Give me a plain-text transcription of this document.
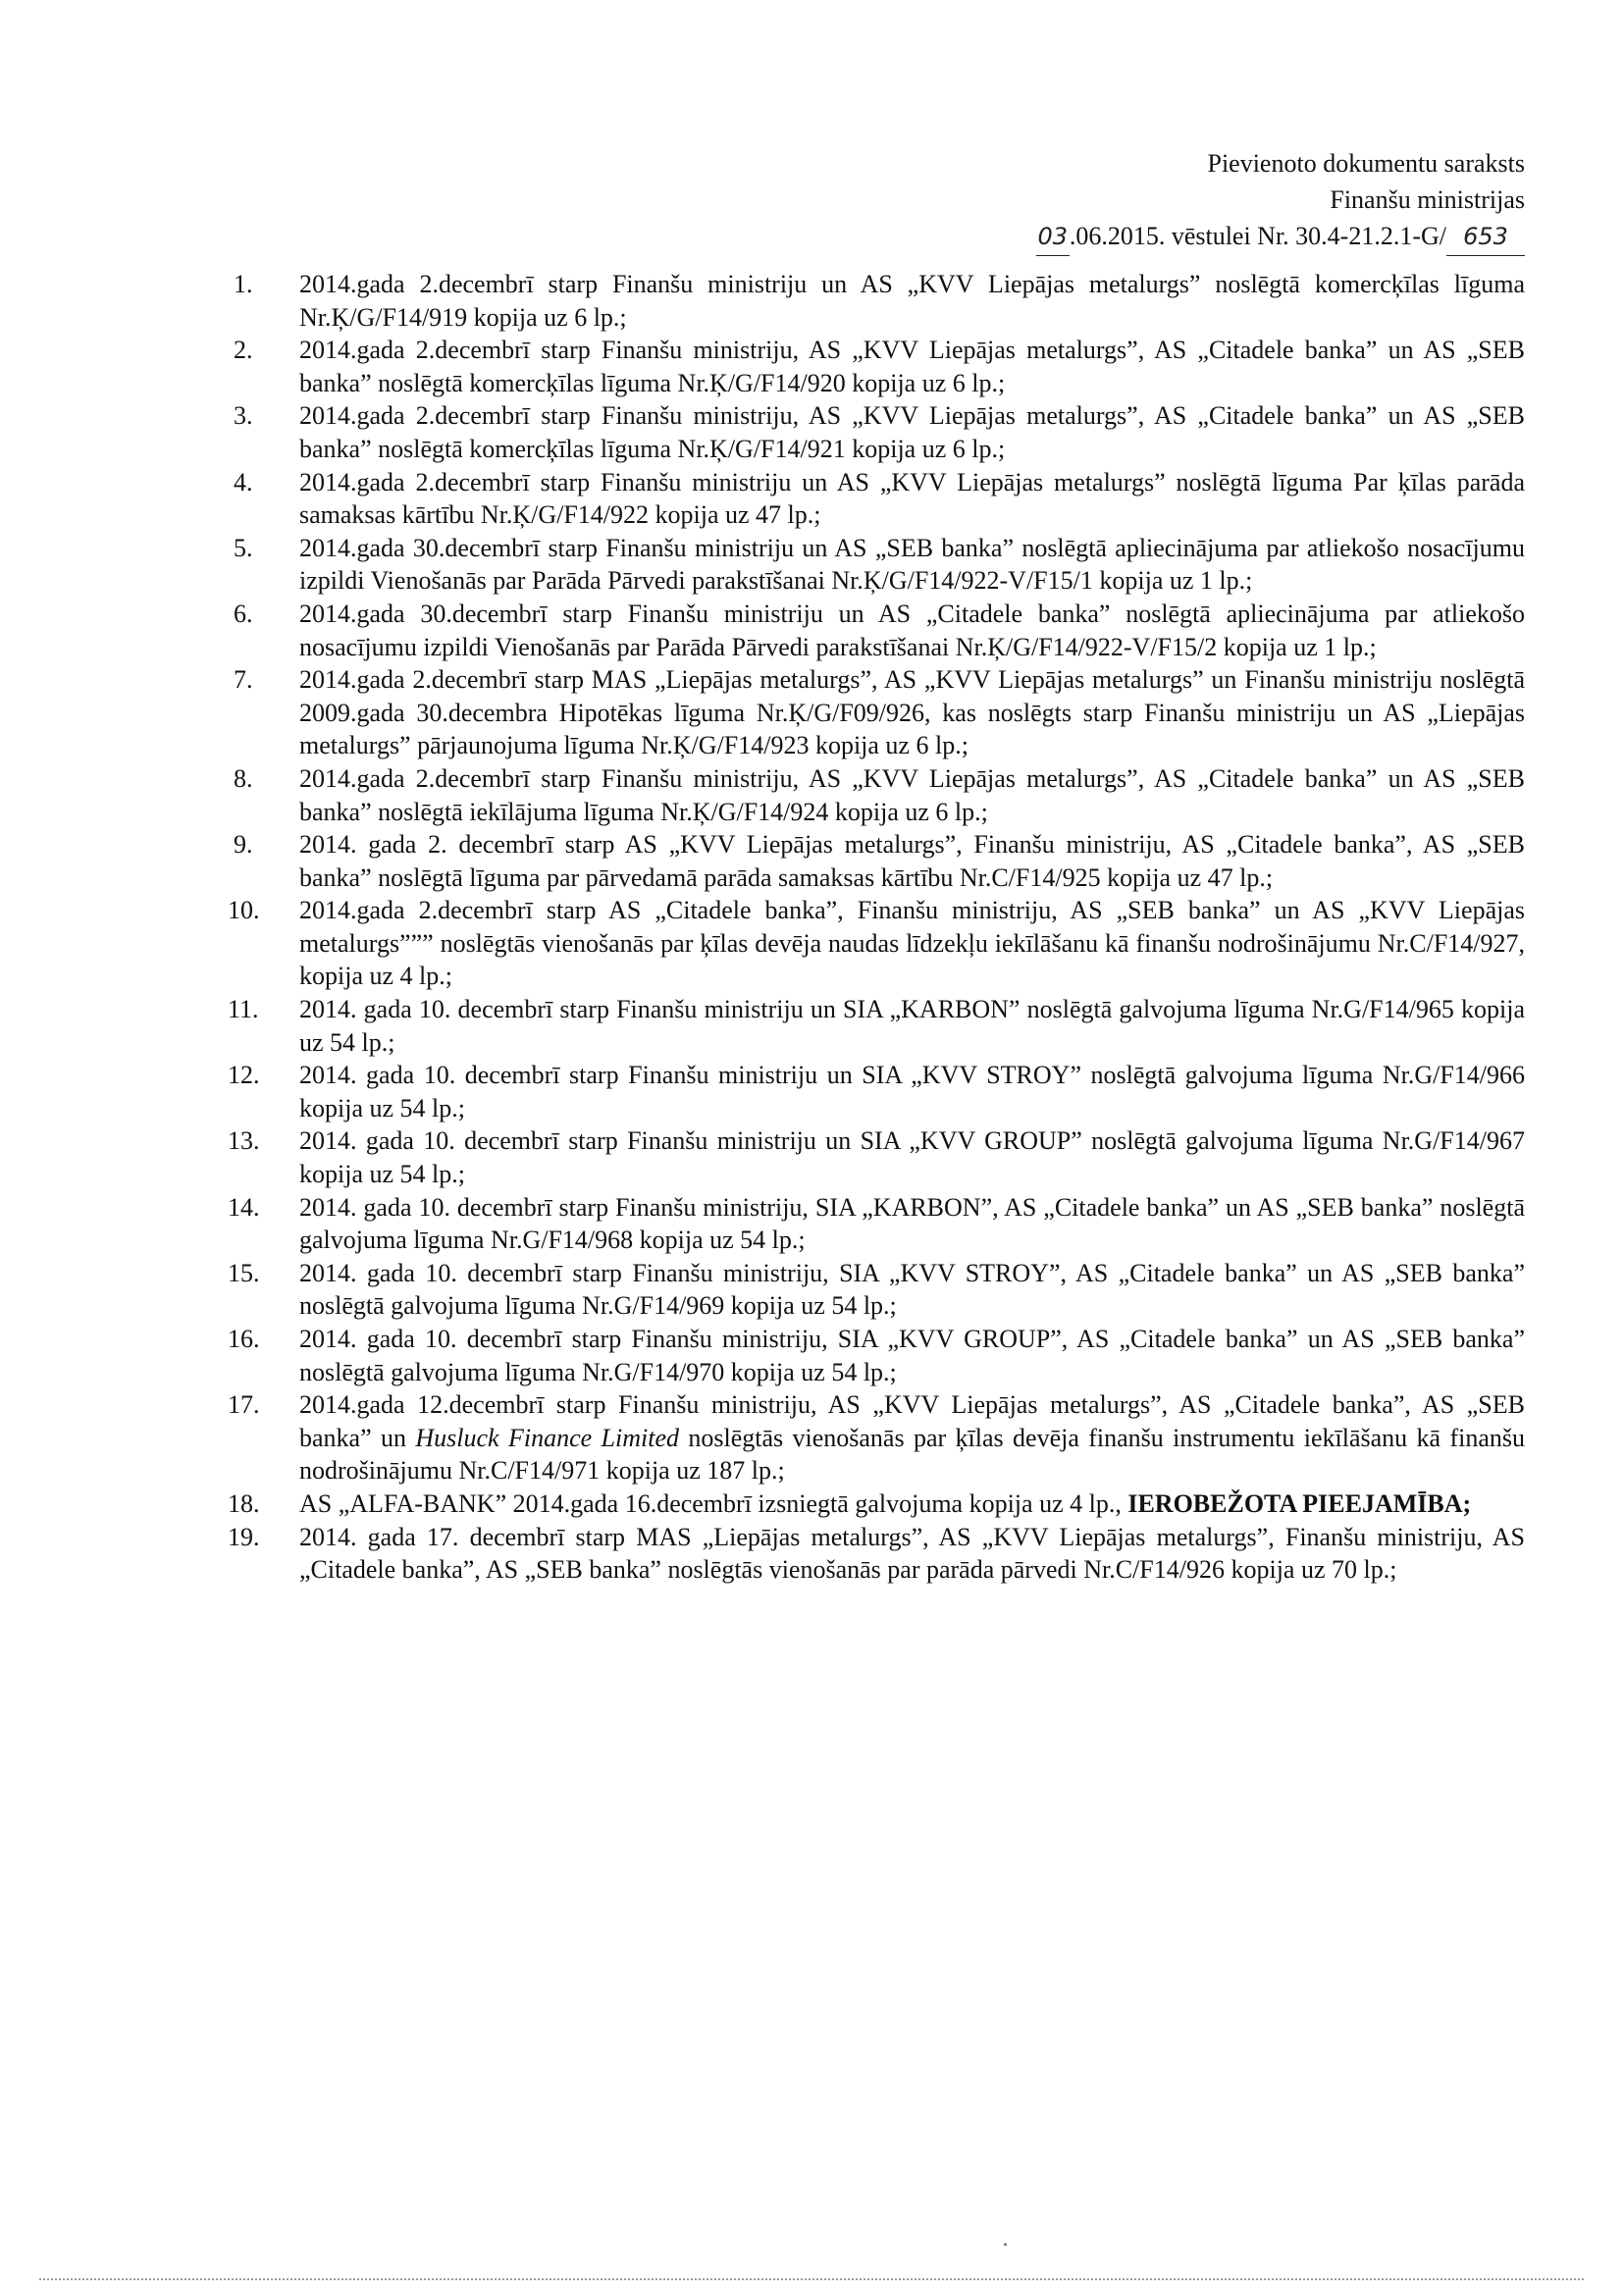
Pievienoto dokumentu saraksts
Finanšu ministrijas
03.06.2015. vēstulei Nr. 30.4-21.2.1-G/ 653
1.	2014.gada 2.decembrī starp Finanšu ministriju un AS „KVV Liepājas metalurgs” noslēgtā komercķīlas līguma Nr.Ķ/G/F14/919 kopija uz 6 lp.;
2.	2014.gada 2.decembrī starp Finanšu ministriju, AS „KVV Liepājas metalurgs”, AS „Citadele banka” un AS „SEB banka” noslēgtā komercķīlas līguma Nr.Ķ/G/F14/920 kopija uz 6 lp.;
3.	2014.gada 2.decembrī starp Finanšu ministriju, AS „KVV Liepājas metalurgs”, AS „Citadele banka” un AS „SEB banka” noslēgtā komercķīlas līguma Nr.Ķ/G/F14/921 kopija uz 6 lp.;
4.	2014.gada 2.decembrī starp Finanšu ministriju un AS „KVV Liepājas metalurgs” noslēgtā līguma Par ķīlas parāda samaksas kārtību Nr.Ķ/G/F14/922 kopija uz 47 lp.;
5.	2014.gada 30.decembrī starp Finanšu ministriju un AS „SEB banka” noslēgtā apliecinājuma par atliekošo nosacījumu izpildi Vienošanās par Parāda Pārvedi parakstīšanai Nr.Ķ/G/F14/922-V/F15/1 kopija uz 1 lp.;
6.	2014.gada 30.decembrī starp Finanšu ministriju un AS „Citadele banka” noslēgtā apliecinājuma par atliekošo nosacījumu izpildi Vienošanās par Parāda Pārvedi parakstīšanai Nr.Ķ/G/F14/922-V/F15/2 kopija uz 1 lp.;
7.	2014.gada 2.decembrī starp MAS „Liepājas metalurgs”, AS „KVV Liepājas metalurgs” un Finanšu ministriju noslēgtā 2009.gada 30.decembra Hipotēkas līguma Nr.Ķ/G/F09/926, kas noslēgts starp Finanšu ministriju un AS „Liepājas metalurgs” pārjaunojuma līguma Nr.Ķ/G/F14/923 kopija uz 6 lp.;
8.	2014.gada 2.decembrī starp Finanšu ministriju, AS „KVV Liepājas metalurgs”, AS „Citadele banka” un AS „SEB banka” noslēgtā iekīlājuma līguma Nr.Ķ/G/F14/924 kopija uz 6 lp.;
9.	2014. gada 2. decembrī starp AS „KVV Liepājas metalurgs”, Finanšu ministriju, AS „Citadele banka”, AS „SEB banka” noslēgtā līguma par pārvedamā parāda samaksas kārtību Nr.C/F14/925 kopija uz 47 lp.;
10.	2014.gada 2.decembrī starp AS „Citadele banka”, Finanšu ministriju, AS „SEB banka” un AS „KVV Liepājas metalurgs””” noslēgtās vienošanās par ķīlas devēja naudas līdzekļu iekīlāšanu kā finanšu nodrošinājumu Nr.C/F14/927, kopija uz 4 lp.;
11.	2014. gada 10. decembrī starp Finanšu ministriju un SIA „KARBON” noslēgtā galvojuma līguma Nr.G/F14/965 kopija uz 54 lp.;
12.	2014. gada 10. decembrī starp Finanšu ministriju un SIA „KVV STROY” noslēgtā galvojuma līguma Nr.G/F14/966 kopija uz 54 lp.;
13.	2014. gada 10. decembrī starp Finanšu ministriju un SIA „KVV GROUP” noslēgtā galvojuma līguma Nr.G/F14/967 kopija uz 54 lp.;
14.	2014. gada 10. decembrī starp Finanšu ministriju, SIA „KARBON”, AS „Citadele banka” un AS „SEB banka” noslēgtā galvojuma līguma Nr.G/F14/968 kopija uz 54 lp.;
15.	2014. gada 10. decembrī starp Finanšu ministriju, SIA „KVV STROY”, AS „Citadele banka” un AS „SEB banka” noslēgtā galvojuma līguma Nr.G/F14/969 kopija uz 54 lp.;
16.	2014. gada 10. decembrī starp Finanšu ministriju, SIA „KVV GROUP”, AS „Citadele banka” un AS „SEB banka” noslēgtā galvojuma līguma Nr.G/F14/970 kopija uz 54 lp.;
17.	2014.gada 12.decembrī starp Finanšu ministriju, AS „KVV Liepājas metalurgs”, AS „Citadele banka”, AS „SEB banka” un Husluck Finance Limited noslēgtās vienošanās par ķīlas devēja finanšu instrumentu iekīlāšanu kā finanšu nodrošinājumu Nr.C/F14/971 kopija uz 187 lp.;
18.	AS „ALFA-BANK” 2014.gada 16.decembrī izsniegtā galvojuma kopija uz 4 lp., IEROBEŽOTA PIEEJAMĪBA;
19.	2014. gada 17. decembrī starp MAS „Liepājas metalurgs”, AS „KVV Liepājas metalurgs”, Finanšu ministriju, AS „Citadele banka”, AS „SEB banka” noslēgtās vienošanās par parāda pārvedi Nr.C/F14/926 kopija uz 70 lp.;
